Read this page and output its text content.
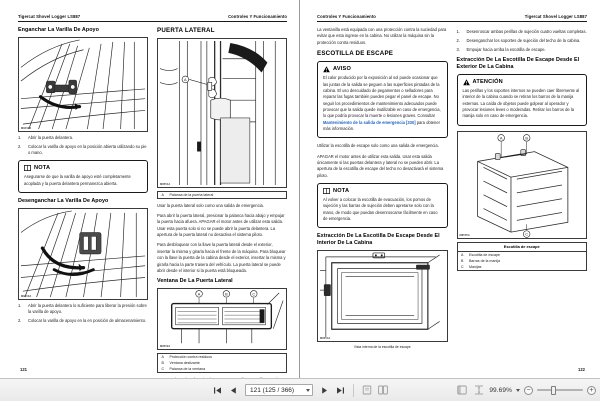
Tigercat Shovel Logger LS887	Controles Y Funcionamiento
Enganchar La Varilla De Apoyo
M8452A
1.	Abrir la puerta delantera.
2.	Colocar la varilla de apoyo en la posición abierta utilizando su pie o mano.
NOTA

Asegurarse de que la varilla de apoyo esté completamente acoplada y la puerta delantera permanezca abierta.

Desenganchar La Varilla De Apoyo
M8453A
1.	Abrir la puerta delantera lo suficiente para liberar la presión sobre la varilla de apoyo.
2.	Colocar la varilla de apoyo en la en posición de almacenamiento.
PUERTA LATERAL
A
M8551A
A	Palanca de la puerta lateral

Usar la puerta lateral solo como una salida de emergencia.

Para abrir la puerta lateral, presionar la palanca hacia abajo y empujar la puerta hacia afuera. APAGAR el motor antes de utilizar esta salida. Usar esta puerta solo si no se puede abrir la puerta delantera. La apertura de la puerta lateral no desactiva el sistema piloto.

Para desbloquear con la llave la puerta lateral desde el exterior, insertar la misma y girarla hacia el frente de la máquina. Para bloquear con la llave la puerta de la cabina desde el exterior, insertar la misma y girarla hacia la parte trasera del vehículo. La puerta lateral se puede abrir desde el interior si la puerta está bloqueada.

Ventana De La Puerta Lateral
A	B	C
M8552A
A	Protección contra residuos
B	Ventana deslizante
C	Palanca de la ventana

121
Controles Y Funcionamiento	Tigercat Shovel Logger LS887

La ventanilla está equipada con una protección contra la suciedad para evitar que esta ingrese en la cabina. No utilizar la máquina sin la protección contra residuos.

ESCOTILLA DE ESCAPE
AVISO

El calor producido por la exposición al sol puede ocasionar que las juntas de la salida se peguen a las superficies pintadas de la cabina. El uso descuidado de pegamentos o selladores para reparar las fugas también pueden pegar el panel de escape. No seguir los procedimientos de mantenimiento adecuados puede provocar que la salida quede inutilizable en caso de emergencia, lo que podría provocar la muerte o lesiones graves. Consultar Mantenimiento de la salida de emergencia [330] para obtener más información.

Utilizar la escotilla de escape solo como una salida de emergencia.

APAGAR el motor antes de utilizar esta salida. Usar esta salida únicamente si las puertas delantera y lateral no se pueden abrir. La apertura de la escotilla de escape del techo no desactivará el sistema piloto.

NOTA

Al volver a colocar la escotilla de evacuación, los pomos de sujeción y las barras de sujeción deben apretarse solo con la mano, de modo que puedan desenroscarse fácilmente en caso de emergencia.

Extracción De La Escotilla De Escape Desde El Interior De La Cabina
M8554A
Vista interna de la escotilla de escape
1.	Desenroscar ambas perillas de sujeción cuatro vueltas completas.
2.	Desenganchar los soportes de sujeción del techo de la cabina.
3.	Empujar hacia arriba la escotilla de escape.
Extracción De La Escotilla De Escape Desde El Exterior De La Cabina
ATENCIÓN

Las perillas y los soportes internos se pueden caer libremente al interior de la cabina cuando se retiran los barros de la manija externas. La caída de objetos puede golpear al operador y provocar lesiones leves o moderadas. Retirar los barros de la manija solo en caso de emergencia.

A	B
C
M8555A
Escotilla de escape
A	Escotilla de escape
B	Barras de la manija
C	Manijas
122
121 (125 / 366)
99.69%	−	+
